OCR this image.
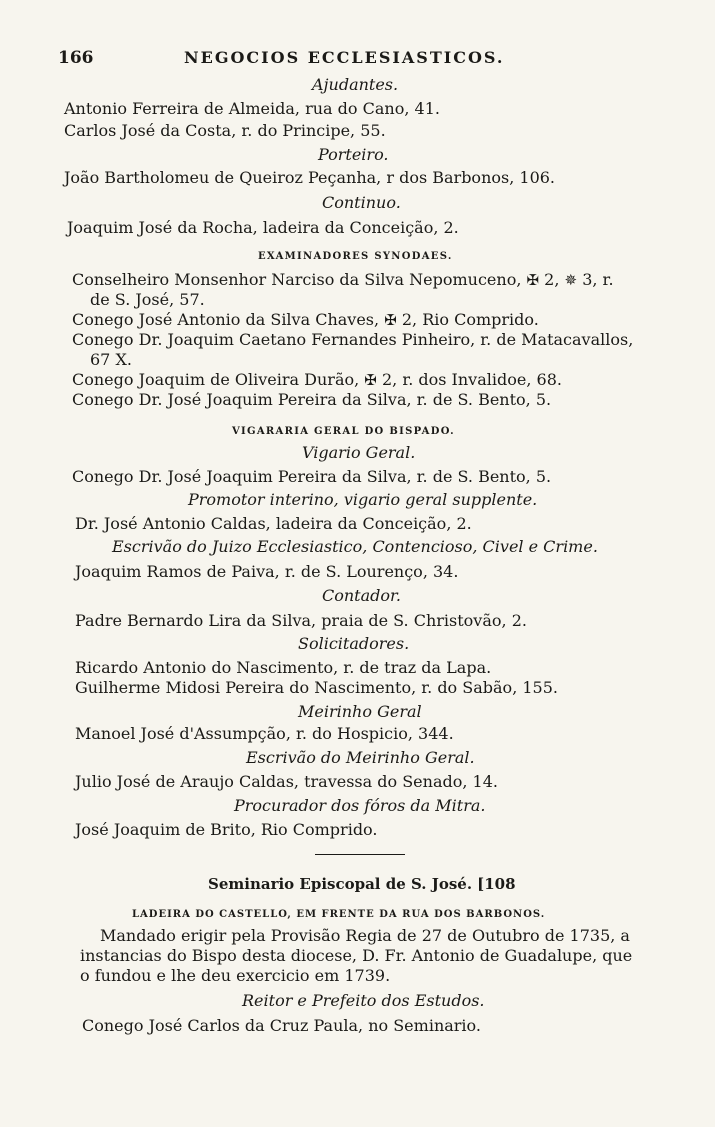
166	NEGOCIOS ECCLESIASTICOS.
Ajudantes.
Antonio Ferreira de Almeida, rua do Cano, 41.
Carlos José da Costa, r. do Principe, 55.
Porteiro.
João Bartholomeu de Queiroz Peçanha, r dos Barbonos, 106.
Continuo.
Joaquim José da Rocha, ladeira da Conceição, 2.
EXAMINADORES SYNODAES.
Conselheiro Monsenhor Narciso da Silva Nepomuceno, ✠ 2, ✵ 3, r.
de S. José, 57.
Conego José Antonio da Silva Chaves, ✠ 2, Rio Comprido.
Conego Dr. Joaquim Caetano Fernandes Pinheiro, r. de Matacavallos,
67 X.
Conego Joaquim de Oliveira Durão, ✠ 2, r. dos Invalidoe, 68.
Conego Dr. José Joaquim Pereira da Silva, r. de S. Bento, 5.
VIGARARIA GERAL DO BISPADO.
Vigario Geral.
Conego Dr. José Joaquim Pereira da Silva, r. de S. Bento, 5.
Promotor interino, vigario geral supplente.
Dr. José Antonio Caldas, ladeira da Conceição, 2.
Escrivão do Juizo Ecclesiastico, Contencioso, Civel e Crime.
Joaquim Ramos de Paiva, r. de S. Lourenço, 34.
Contador.
Padre Bernardo Lira da Silva, praia de S. Christovão, 2.
Solicitadores.
Ricardo Antonio do Nascimento, r. de traz da Lapa.
Guilherme Midosi Pereira do Nascimento, r. do Sabão, 155.
Meirinho Geral
Manoel José d'Assumpção, r. do Hospicio, 344.
Escrivão do Meirinho Geral.
Julio José de Araujo Caldas, travessa do Senado, 14.
Procurador dos fóros da Mitra.
José Joaquim de Brito, Rio Comprido.
Seminario Episcopal de S. José. [108
LADEIRA DO CASTELLO, EM FRENTE DA RUA DOS BARBONOS.
Mandado erigir pela Provisão Regia de 27 de Outubro de 1735, a
instancias do Bispo desta diocese, D. Fr. Antonio de Guadalupe, que
o fundou e lhe deu exercicio em 1739.
Reitor e Prefeito dos Estudos.
Conego José Carlos da Cruz Paula, no Seminario.
